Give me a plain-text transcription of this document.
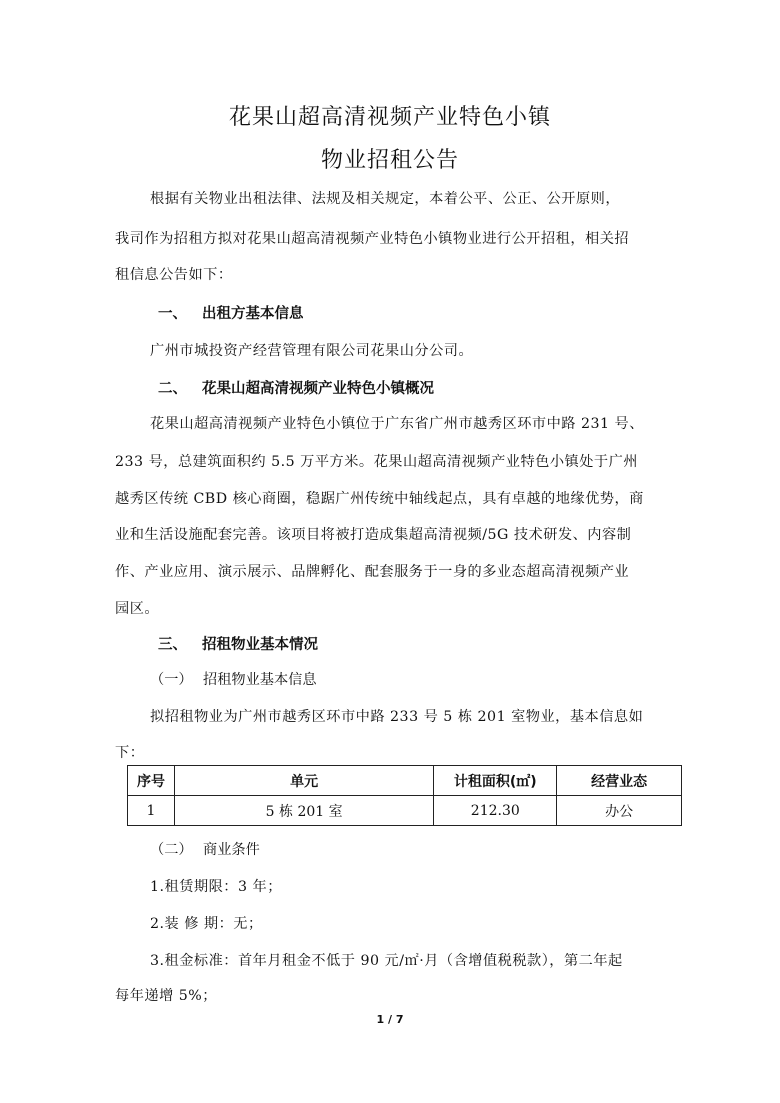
花果山超高清视频产业特色小镇
物业招租公告
根据有关物业出租法律、法规及相关规定，本着公平、公正、公开原则，
我司作为招租方拟对花果山超高清视频产业特色小镇物业进行公开招租，相关招
租信息公告如下：
一、 出租方基本信息
广州市城投资产经营管理有限公司花果山分公司。
二、 花果山超高清视频产业特色小镇概况
花果山超高清视频产业特色小镇位于广东省广州市越秀区环市中路 231 号、
233 号，总建筑面积约 5.5 万平方米。花果山超高清视频产业特色小镇处于广州
越秀区传统 CBD 核心商圈，稳踞广州传统中轴线起点，具有卓越的地缘优势，商
业和生活设施配套完善。该项目将被打造成集超高清视频/5G 技术研发、内容制
作、产业应用、演示展示、品牌孵化、配套服务于一身的多业态超高清视频产业
园区。
三、 招租物业基本情况
（一） 招租物业基本信息
拟招租物业为广州市越秀区环市中路 233 号 5 栋 201 室物业，基本信息如
下：
序号	单元	计租面积(㎡)	经营业态
1	5 栋 201 室	212.30	办公
（二） 商业条件
1.租赁期限：3 年；
2.装 修 期：无；
3.租金标准：首年月租金不低于 90 元/㎡·月（含增值税税款），第二年起
每年递增 5%；
1 / 7
